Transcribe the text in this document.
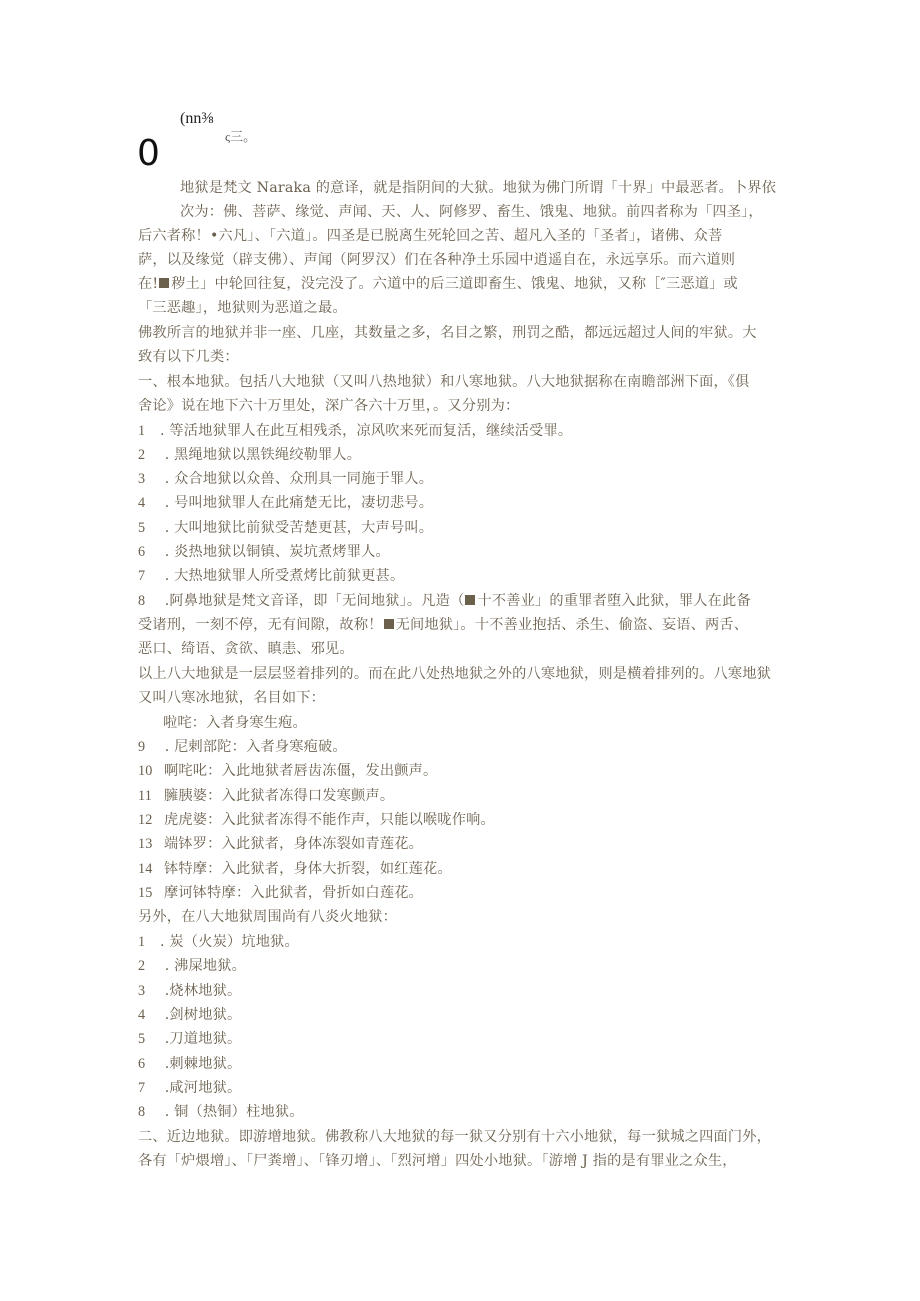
(nn⅜
ς三。
0
地狱是梵文 Naraka 的意译，就是指阴间的大狱。地狱为佛门所谓「十界」中最恶者。卜界依
次为：佛、菩萨、缘觉、声闻、天、人、阿修罗、畜生、饿鬼、地狱。前四者称为「四圣」，
后六者称！•六凡」、「六道」。四圣是已脱离生死轮回之苦、超凡入圣的「圣者」，诸佛、众菩
萨，以及缘觉（辟支佛）、声闻（阿罗汉）们在各种净土乐园中逍遥自在，永远享乐。而六道则
在! 秽土」中轮回往复，没完没了。六道中的后三道即畜生、饿鬼、地狱，又称［″三恶道」或
「三恶趣」，地狱则为恶道之最。
佛教所言的地狱并非一座、几座，其数量之多，名目之繁，刑罚之酷，都远远超过人间的牢狱。大
致有以下几类：
一、根本地狱。包括八大地狱（又叫八热地狱）和八寒地狱。八大地狱据称在南瞻部洲下面，《俱
舍论》说在地下六十万里处，深广各六十万里，。又分别为：
1 . 等活地狱罪人在此互相残杀，凉风吹来死而复活，继续活受罪。
2 . 黑绳地狱以黑铁绳绞勒罪人。
3 . 众合地狱以众兽、众刑具一同施于罪人。
4 . 号叫地狱罪人在此痛楚无比，凄切悲号。
5 . 大叫地狱比前狱受苦楚更甚，大声号叫。
6 . 炎热地狱以铜镇、炭坑煮烤罪人。
7 . 大热地狱罪人所受煮烤比前狱更甚。
8 .阿鼻地狱是梵文音译，即「无间地狱」。凡造（ 十不善业」的重罪者堕入此狱，罪人在此备
受诸刑，一刻不停，无有间隙，故称！ 无间地狱」。十不善业抱括、杀生、偷盗、妄语、两舌、
恶口、绮语、贪欲、瞋恚、邪见。
以上八大地狱是一层层竖着排列的。而在此八处热地狱之外的八寒地狱，则是横着排列的。八寒地狱
又叫八寒冰地狱，名目如下：
啦咤：入者身寒生疱。
9 . 尼剌部陀：入者身寒疱破。
10 啊咤叱：入此地狱者唇齿冻僵，发出颤声。
11 臃胰婆：入此狱者冻得口发寒颤声。
12 虎虎婆：入此狱者冻得不能作声，只能以喉咙作响。
13 端钵罗：入此狱者，身体冻裂如青莲花。
14 钵特摩：入此狱者，身体大折裂，如红莲花。
15 摩诃钵特摩：入此狱者，骨折如白莲花。
另外，在八大地狱周围尚有八炎火地狱：
1 . 炭（火炭）坑地狱。
2 . 沸屎地狱。
3 .烧林地狱。
4 .剑树地狱。
5 .刀道地狱。
6 .刺棘地狱。
7 .咸河地狱。
8 . 铜（热铜）柱地狱。
二、近边地狱。即游增地狱。佛教称八大地狱的每一狱又分别有十六小地狱，每一狱城之四面门外，
各有「炉煨增」、「尸粪增」、「锋刃增」、「烈河增」四处小地狱。「游增 J 指的是有罪业之众生，
